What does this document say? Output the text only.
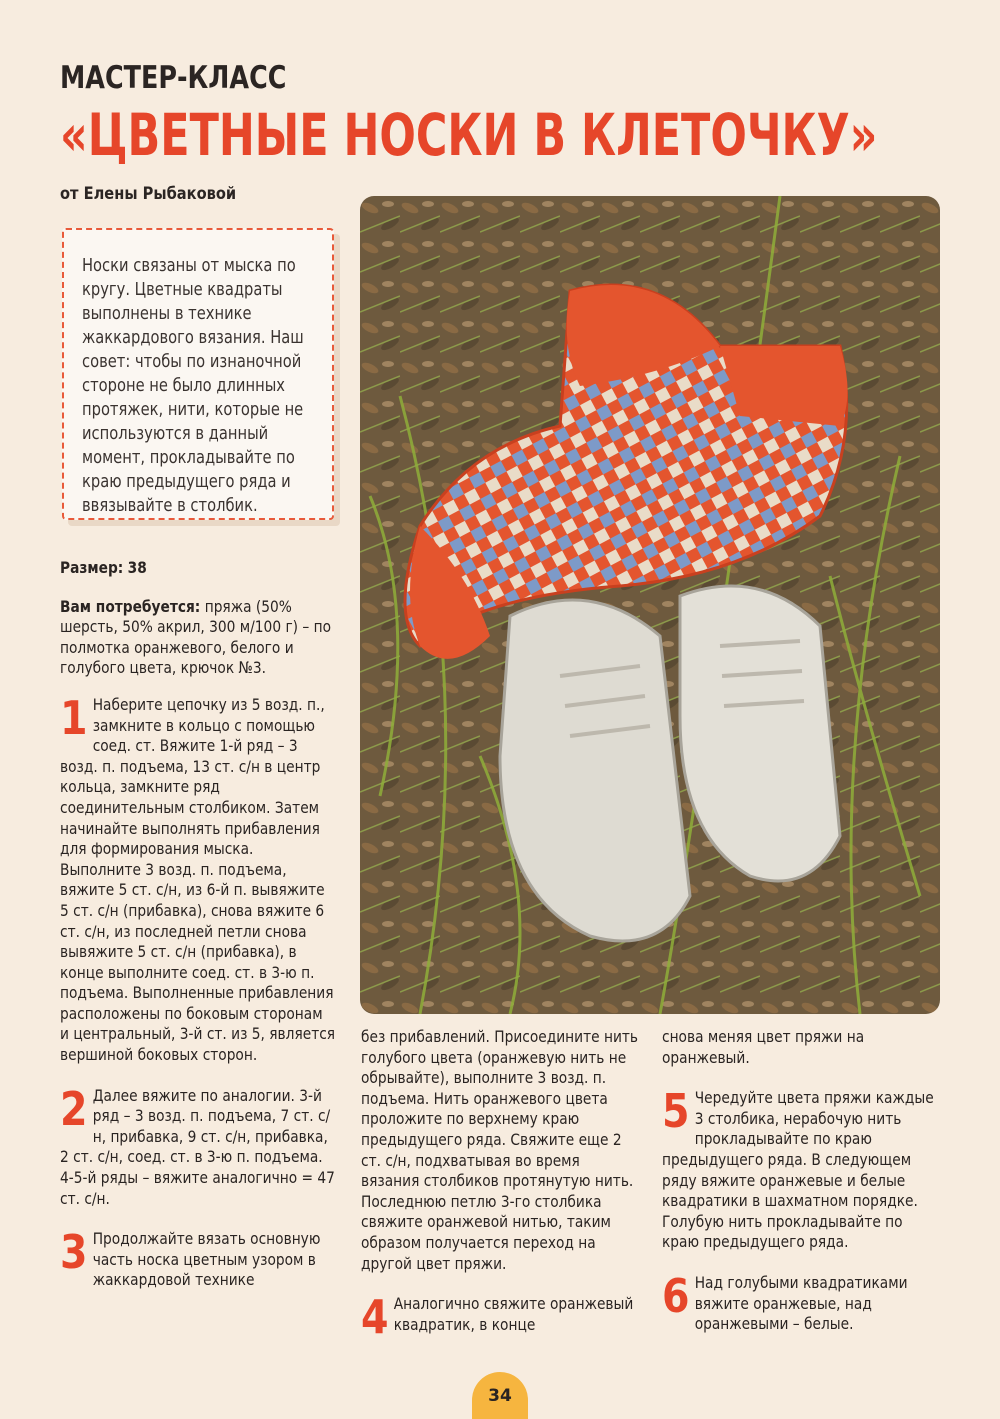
МАСТЕР-КЛАСС
«ЦВЕТНЫЕ НОСКИ В КЛЕТОЧКУ»
от Елены Рыбаковой

Носки связаны от мыска по кругу. Цветные квадраты выполнены в технике жаккардового вязания. Наш совет: чтобы по изнаночной стороне не было длинных протяжек, нити, которые не используются в данный момент, прокладывайте по краю предыдущего ряда и ввязывайте в столбик.

Размер: 38

Вам потребуется: пряжа (50% шерсть, 50% акрил, 300 м/100 г) – по полмотка оранжевого, белого и голубого цвета, крючок №3.

1 Наберите цепочку из 5 возд. п., замкните в кольцо с помощью соед. ст. Вяжите 1-й ряд – 3 возд. п. подъема, 13 ст. с/н в центр кольца, замкните ряд соединительным столбиком. Затем начинайте выполнять прибавления для формирования мыска. Выполните 3 возд. п. подъема, вяжите 5 ст. с/н, из 6-й п. вывяжите 5 ст. с/н (прибавка), снова вяжите 6 ст. с/н, из последней петли снова вывяжите 5 ст. с/н (прибавка), в конце выполните соед. ст. в 3-ю п. подъема. Выполненные прибавления расположены по боковым сторонам и центральный, 3-й ст. из 5, является вершиной боковых сторон.

2 Далее вяжите по аналогии. 3-й ряд – 3 возд. п. подъема, 7 ст. с/н, прибавка, 9 ст. с/н, прибавка, 2 ст. с/н, соед. ст. в 3-ю п. подъема. 4-5-й ряды – вяжите аналогично = 47 ст. с/н.

3 Продолжайте вязать основную часть носка цветным узором в жаккардовой технике

без прибавлений. Присоедините нить голубого цвета (оранжевую нить не обрывайте), выполните 3 возд. п. подъема. Нить оранжевого цвета проложите по верхнему краю предыдущего ряда. Свяжите еще 2 ст. с/н, подхватывая во время вязания столбиков протянутую нить. Последнюю петлю 3-го столбика свяжите оранжевой нитью, таким образом получается переход на другой цвет пряжи.

4 Аналогично свяжите оранжевый квадратик, в конце

снова меняя цвет пряжи на оранжевый.

5 Чередуйте цвета пряжи каждые 3 столбика, нерабочую нить прокладывайте по краю предыдущего ряда. В следующем ряду вяжите оранжевые и белые квадратики в шахматном порядке. Голубую нить прокладывайте по краю предыдущего ряда.

6 Над голубыми квадратиками вяжите оранжевые, над оранжевыми – белые.

34
